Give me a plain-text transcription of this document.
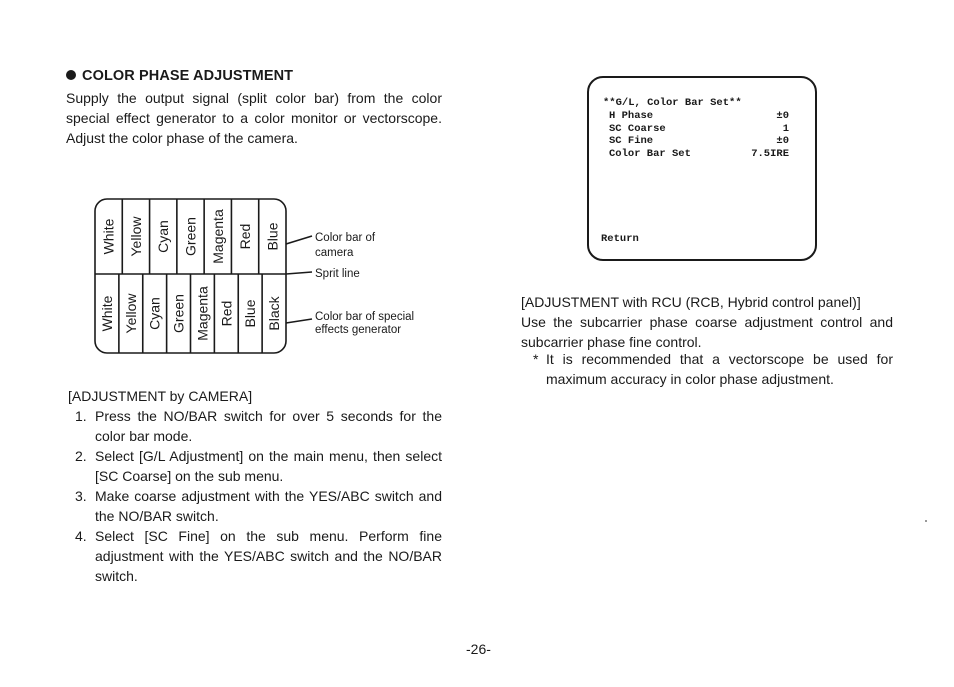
COLOR PHASE ADJUSTMENT
Supply the output signal (split color bar) from the color special effect generator to a color monitor or vectorscope. Adjust the color phase of the camera.
White Yellow Cyan Green Magenta Red Blue
White Yellow Cyan Green Magenta Red Blue Black
Color bar of
camera
Sprit line
Color bar of special
effects generator
[ADJUSTMENT by CAMERA]
1. Press the NO/BAR switch for over 5 seconds for the color bar mode.
2. Select [G/L Adjustment] on the main menu, then select [SC Coarse] on the sub menu.
3. Make coarse adjustment with the YES/ABC switch and the NO/BAR switch.
4. Select [SC Fine] on the sub menu. Perform fine adjustment with the YES/ABC switch and the NO/BAR switch.
**G/L, Color Bar Set**
H Phase	±0
SC Coarse	1
SC Fine	±0
Color Bar Set	7.5IRE
Return
[ADJUSTMENT with RCU (RCB, Hybrid control panel)]
Use the subcarrier phase coarse adjustment control and subcarrier phase fine control.
* It is recommended that a vectorscope be used for maximum accuracy in color phase adjustment.
-26-
